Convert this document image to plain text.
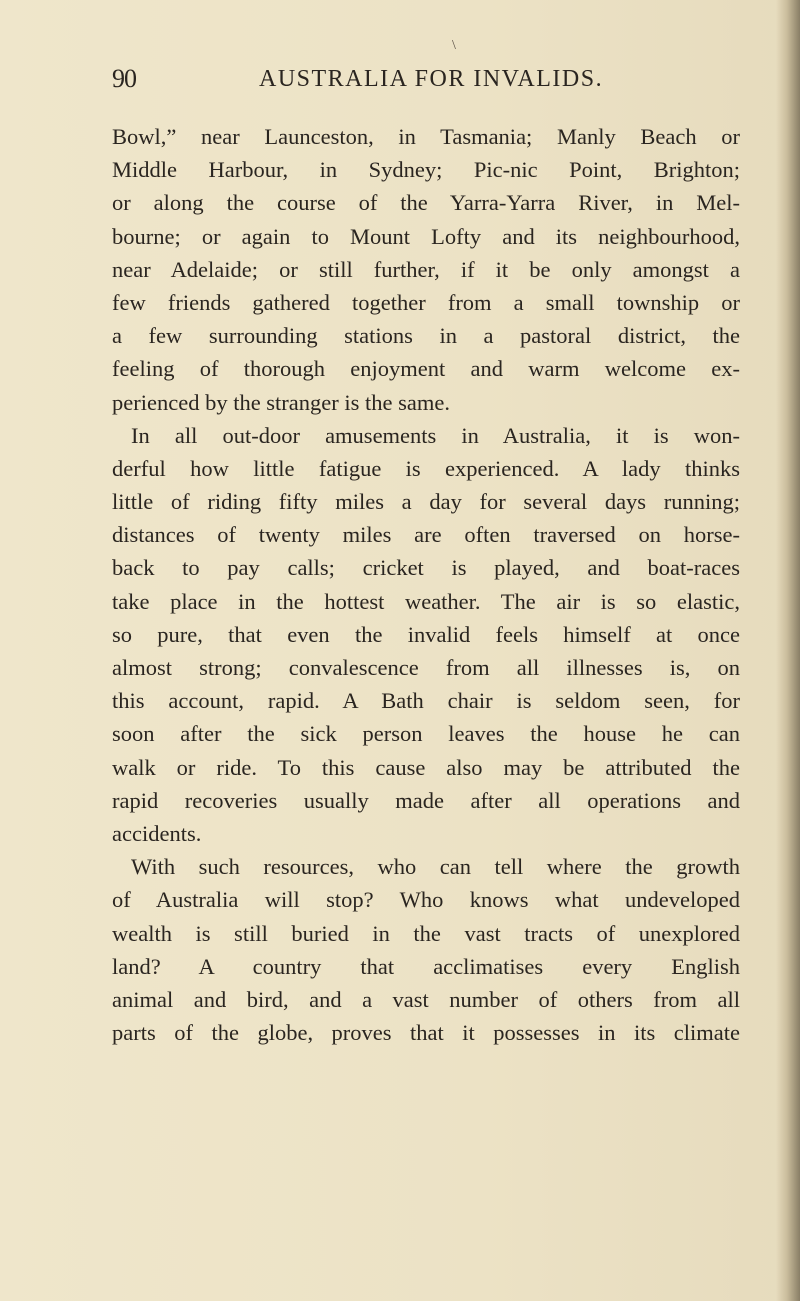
\
90	AUSTRALIA FOR INVALIDS.
Bowl,” near Launceston, in Tasmania; Manly Beach or
Middle Harbour, in Sydney; Pic-nic Point, Brighton;
or along the course of the Yarra-Yarra River, in Mel-
bourne; or again to Mount Lofty and its neighbourhood,
near Adelaide; or still further, if it be only amongst a
few friends gathered together from a small township or
a few surrounding stations in a pastoral district, the
feeling of thorough enjoyment and warm welcome ex-
perienced by the stranger is the same.
In all out-door amusements in Australia, it is won-
derful how little fatigue is experienced. A lady thinks
little of riding fifty miles a day for several days running;
distances of twenty miles are often traversed on horse-
back to pay calls; cricket is played, and boat-races
take place in the hottest weather. The air is so elastic,
so pure, that even the invalid feels himself at once
almost strong; convalescence from all illnesses is, on
this account, rapid. A Bath chair is seldom seen, for
soon after the sick person leaves the house he can
walk or ride. To this cause also may be attributed the
rapid recoveries usually made after all operations and
accidents.
With such resources, who can tell where the growth
of Australia will stop? Who knows what undeveloped
wealth is still buried in the vast tracts of unexplored
land? A country that acclimatises every English
animal and bird, and a vast number of others from all
parts of the globe, proves that it possesses in its climate
